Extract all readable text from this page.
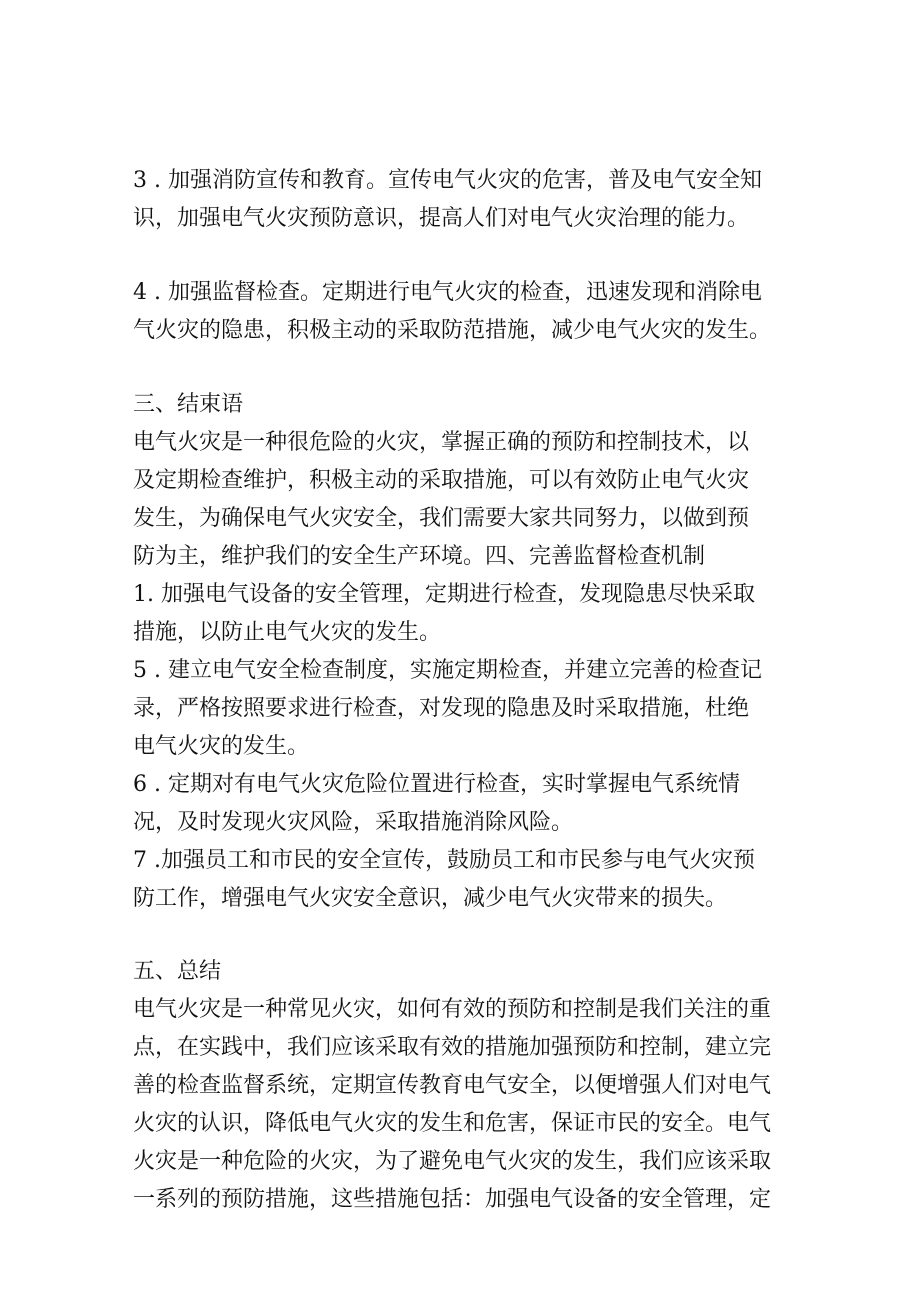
3 . 加强消防宣传和教育。宣传电气火灾的危害，普及电气安全知
识，加强电气火灾预防意识，提高人们对电气火灾治理的能力。
4 . 加强监督检查。定期进行电气火灾的检查，迅速发现和消除电
气火灾的隐患，积极主动的采取防范措施，减少电气火灾的发生。
三、结束语
电气火灾是一种很危险的火灾，掌握正确的预防和控制技术，以
及定期检查维护，积极主动的采取措施，可以有效防止电气火灾
发生，为确保电气火灾安全，我们需要大家共同努力，以做到预
防为主，维护我们的安全生产环境。四、完善监督检查机制
1. 加强电气设备的安全管理，定期进行检查，发现隐患尽快采取
措施，以防止电气火灾的发生。
5 . 建立电气安全检查制度，实施定期检查，并建立完善的检查记
录，严格按照要求进行检查，对发现的隐患及时采取措施，杜绝
电气火灾的发生。
6 . 定期对有电气火灾危险位置进行检查，实时掌握电气系统情
况，及时发现火灾风险，采取措施消除风险。
7 .加强员工和市民的安全宣传，鼓励员工和市民参与电气火灾预
防工作，增强电气火灾安全意识，减少电气火灾带来的损失。
五、总结
电气火灾是一种常见火灾，如何有效的预防和控制是我们关注的重
点，在实践中，我们应该采取有效的措施加强预防和控制，建立完
善的检查监督系统，定期宣传教育电气安全，以便增强人们对电气
火灾的认识，降低电气火灾的发生和危害，保证市民的安全。电气
火灾是一种危险的火灾，为了避免电气火灾的发生，我们应该采取
一系列的预防措施，这些措施包括：加强电气设备的安全管理，定
